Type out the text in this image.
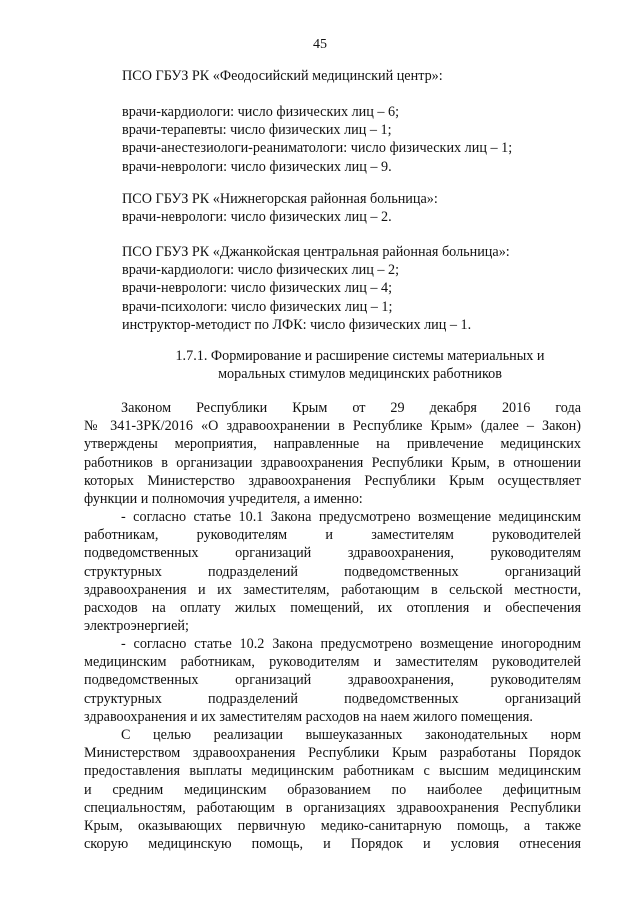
45
ПСО ГБУЗ РК «Феодосийский медицинский центр»:
врачи-кардиологи: число физических лиц – 6;
врачи-терапевты: число физических лиц – 1;
врачи-анестезиологи-реаниматологи: число физических лиц – 1;
врачи-неврологи: число физических лиц – 9.
ПСО ГБУЗ РК «Нижнегорская районная больница»:
врачи-неврологи: число физических лиц – 2.
ПСО ГБУЗ РК «Джанкойская центральная районная больница»:
врачи-кардиологи: число физических лиц – 2;
врачи-неврологи: число физических лиц – 4;
врачи-психологи: число физических лиц – 1;
инструктор-методист по ЛФК: число физических лиц – 1.
1.7.1. Формирование и расширение системы материальных и
моральных стимулов медицинских работников
Законом Республики Крым от 29 декабря 2016 года
№ 341-ЗРК/2016 «О здравоохранении в Республике Крым» (далее – Закон)
утверждены мероприятия, направленные на привлечение медицинских
работников в организации здравоохранения Республики Крым, в отношении
которых Министерство здравоохранения Республики Крым осуществляет
функции и полномочия учредителя, а именно:
- согласно статье 10.1 Закона предусмотрено возмещение медицинским
работникам, руководителям и заместителям руководителей
подведомственных организаций здравоохранения, руководителям
структурных подразделений подведомственных организаций
здравоохранения и их заместителям, работающим в сельской местности,
расходов на оплату жилых помещений, их отопления и обеспечения
электроэнергией;
- согласно статье 10.2 Закона предусмотрено возмещение иногородним
медицинским работникам, руководителям и заместителям руководителей
подведомственных организаций здравоохранения, руководителям
структурных подразделений подведомственных организаций
здравоохранения и их заместителям расходов на наем жилого помещения.
С целью реализации вышеуказанных законодательных норм
Министерством здравоохранения Республики Крым разработаны Порядок
предоставления выплаты медицинским работникам с высшим медицинским
и средним медицинским образованием по наиболее дефицитным
специальностям, работающим в организациях здравоохранения Республики
Крым, оказывающих первичную медико-санитарную помощь, а также
скорую медицинскую помощь, и Порядок и условия отнесения
